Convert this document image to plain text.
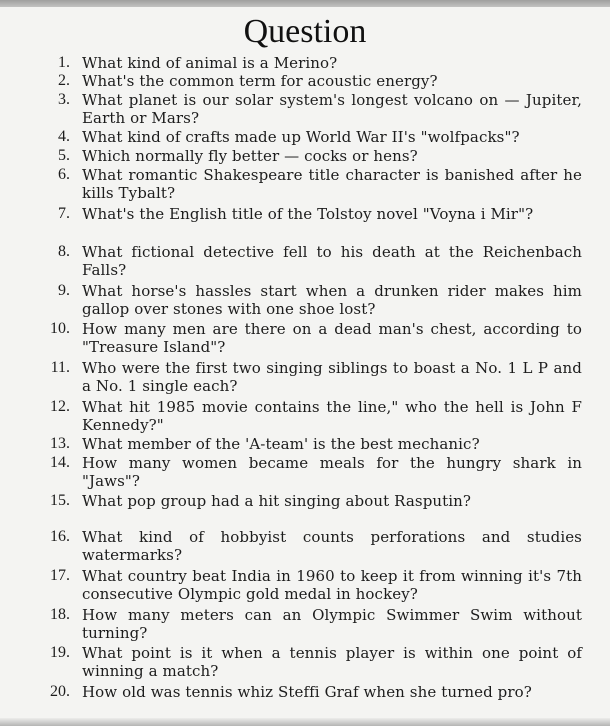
Question
1. What kind of animal is a Merino?
2. What's the common term for acoustic energy?
3. What planet is our solar system's longest volcano on — Jupiter, Earth or Mars?
4. What kind of crafts made up World War II's "wolfpacks"?
5. Which normally fly better — cocks or hens?
6. What romantic Shakespeare title character is banished after he kills Tybalt?
7. What's the English title of the Tolstoy novel "Voyna i Mir"?
8. What fictional detective fell to his death at the Reichenbach Falls?
9. What horse's hassles start when a drunken rider makes him gallop over stones with one shoe lost?
10. How many men are there on a dead man's chest, according to "Treasure Island"?
11. Who were the first two singing siblings to boast a No. 1 L P and a No. 1 single each?
12. What hit 1985 movie contains the line," who the hell is John F Kennedy?"
13. What member of the 'A-team' is the best mechanic?
14. How many women became meals for the hungry shark in "Jaws"?
15. What pop group had a hit singing about Rasputin?
16. What kind of hobbyist counts perforations and studies watermarks?
17. What country beat India in 1960 to keep it from winning it's 7th consecutive Olympic gold medal in hockey?
18. How many meters can an Olympic Swimmer Swim without turning?
19. What point is it when a tennis player is within one point of winning a match?
20. How old was tennis whiz Steffi Graf when she turned pro?
